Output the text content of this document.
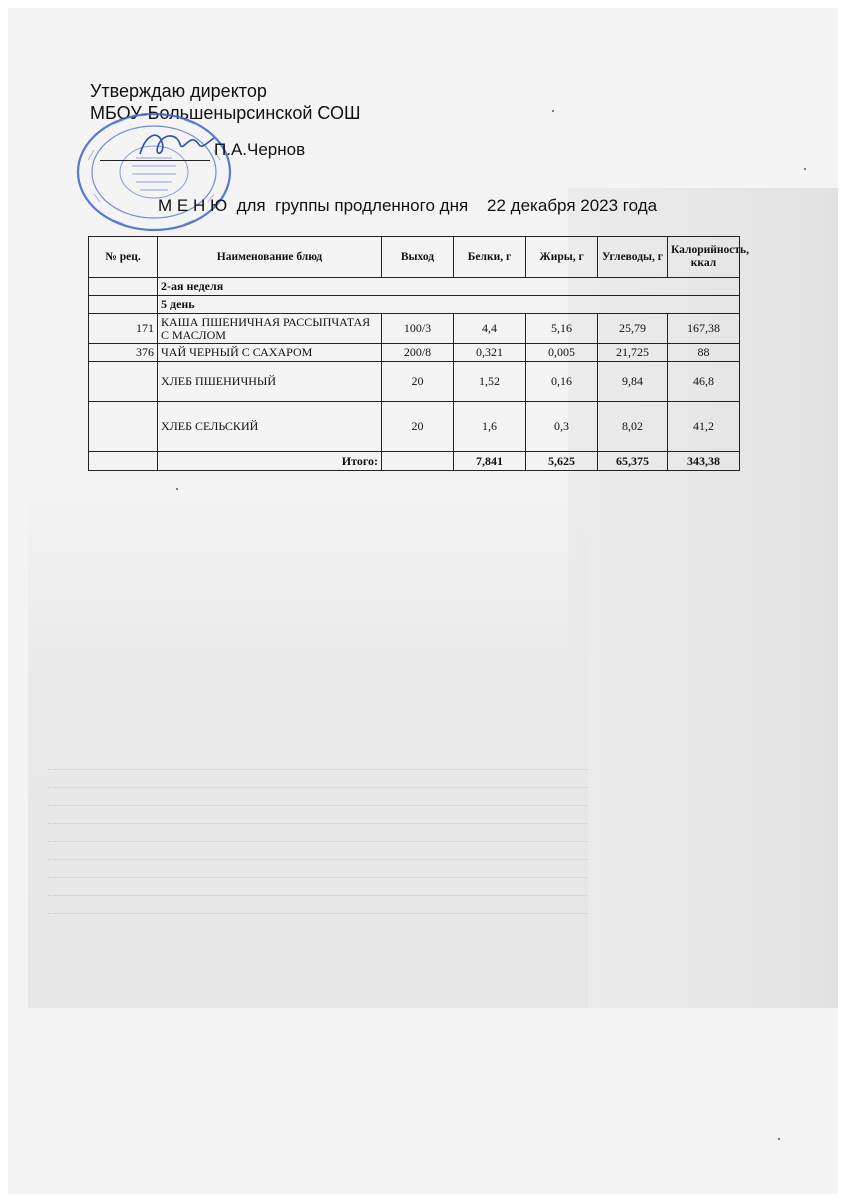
Утверждаю директор
МБОУ-Большенырсинской СОШ
П.А.Чернов
М Е Н Ю  для  группы продленного дня    22 декабря 2023 года
№ рец.	Наименование блюд	Выход	Белки, г	Жиры, г	Углеводы, г	Калорийность, ккал
	2-ая неделя					
	5 день					
171	КАША ПШЕНИЧНАЯ РАССЫПЧАТАЯ С МАСЛОМ	100/3	4,4	5,16	25,79	167,38
376	ЧАЙ ЧЕРНЫЙ С САХАРОМ	200/8	0,321	0,005	21,725	88
	ХЛЕБ ПШЕНИЧНЫЙ	20	1,52	0,16	9,84	46,8
	ХЛЕБ СЕЛЬСКИЙ	20	1,6	0,3	8,02	41,2
	Итого:		7,841	5,625	65,375	343,38
